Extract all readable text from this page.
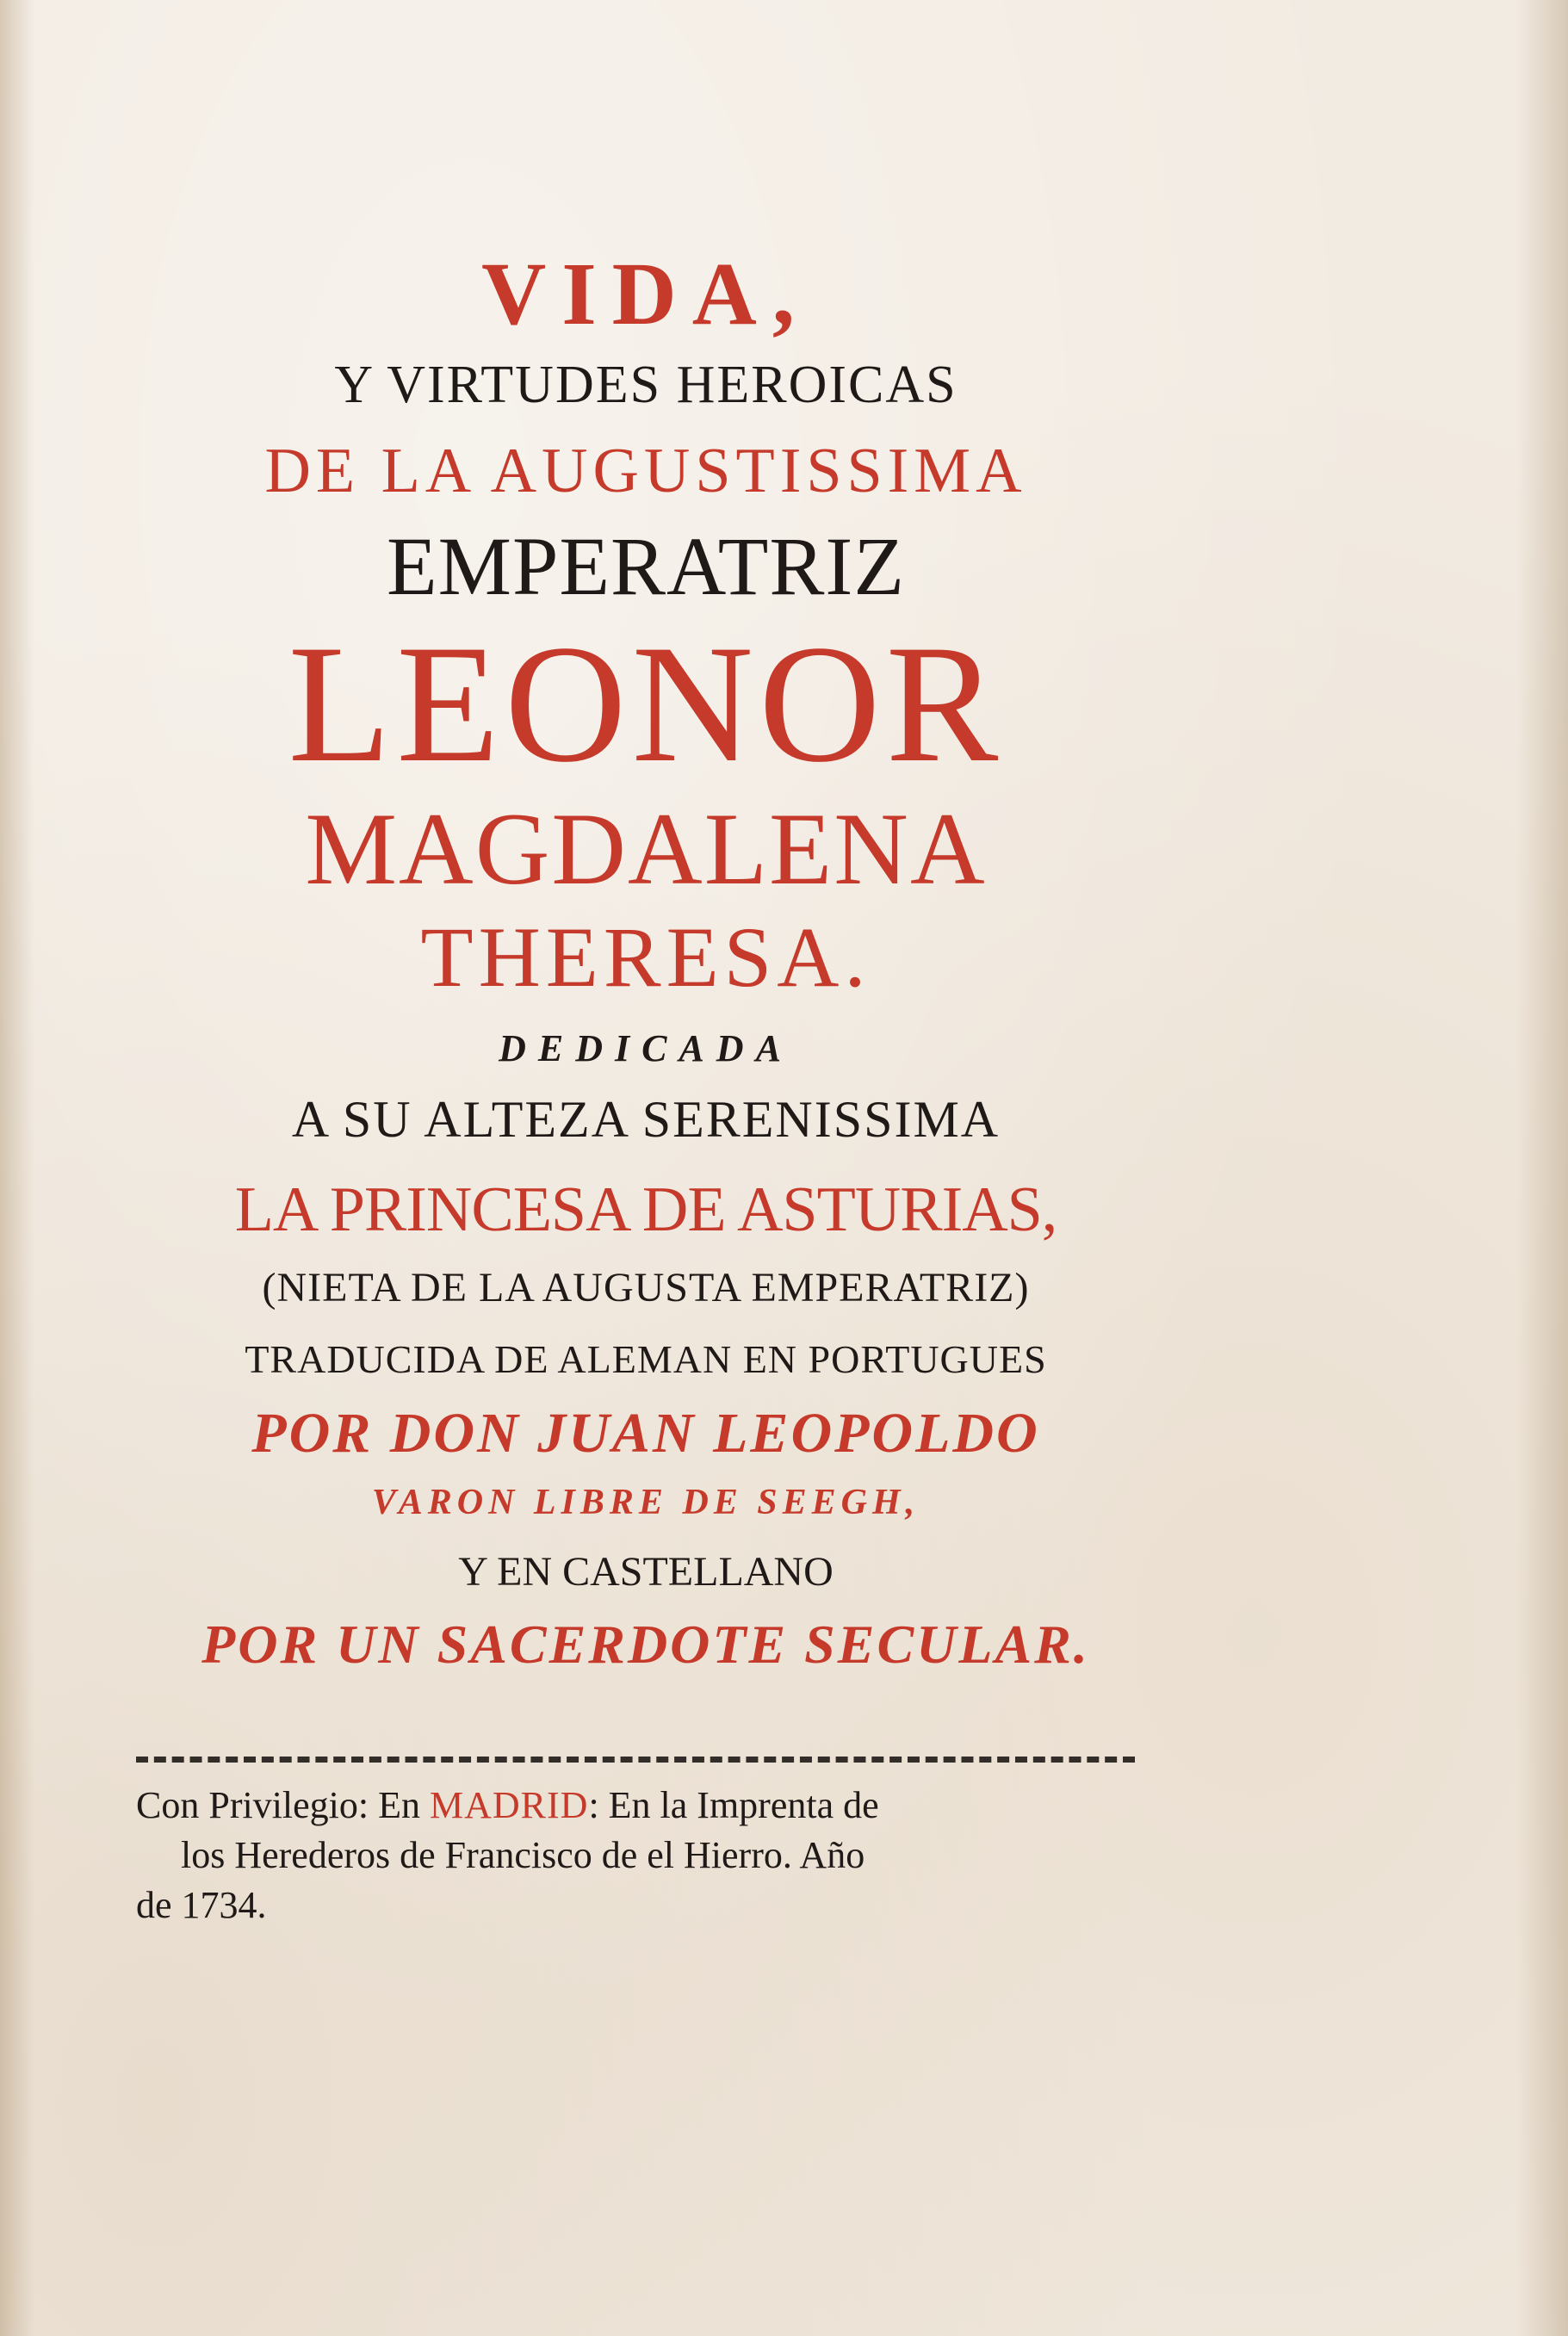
VIDA,
Y VIRTUDES HEROICAS
DE LA AUGUSTISSIMA
EMPERATRIZ
LEONOR
MAGDALENA
THERESA.
DEDICADA
A SU ALTEZA SERENISSIMA
LA PRINCESA DE ASTURIAS,
(NIETA DE LA AUGUSTA EMPERATRIZ)
TRADUCIDA DE ALEMAN EN PORTUGUES
POR DON JUAN LEOPOLDO
VARON LIBRE DE SEEGH,
Y EN CASTELLANO
POR UN SACERDOTE SECULAR.
Con Privilegio: En MADRID: En la Imprenta de
los Herederos de Francisco de el Hierro. Año
de 1734.
